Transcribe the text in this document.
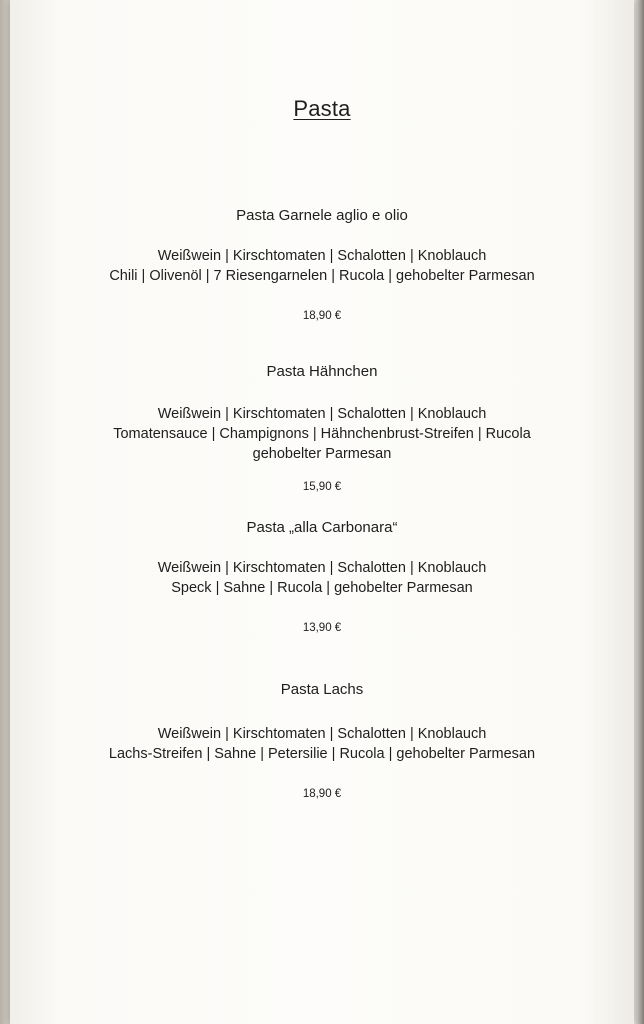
Pasta
Pasta Garnele aglio e olio
Weißwein | Kirschtomaten | Schalotten | Knoblauch
Chili | Olivenöl | 7 Riesengarnelen | Rucola | gehobelter Parmesan
18,90 €
Pasta Hähnchen
Weißwein | Kirschtomaten | Schalotten | Knoblauch
Tomatensauce | Champignons | Hähnchenbrust-Streifen | Rucola
gehobelter Parmesan
15,90 €
Pasta „alla Carbonara“
Weißwein | Kirschtomaten | Schalotten | Knoblauch
Speck | Sahne | Rucola | gehobelter Parmesan
13,90 €
Pasta Lachs
Weißwein | Kirschtomaten | Schalotten | Knoblauch
Lachs-Streifen | Sahne | Petersilie | Rucola | gehobelter Parmesan
18,90 €
